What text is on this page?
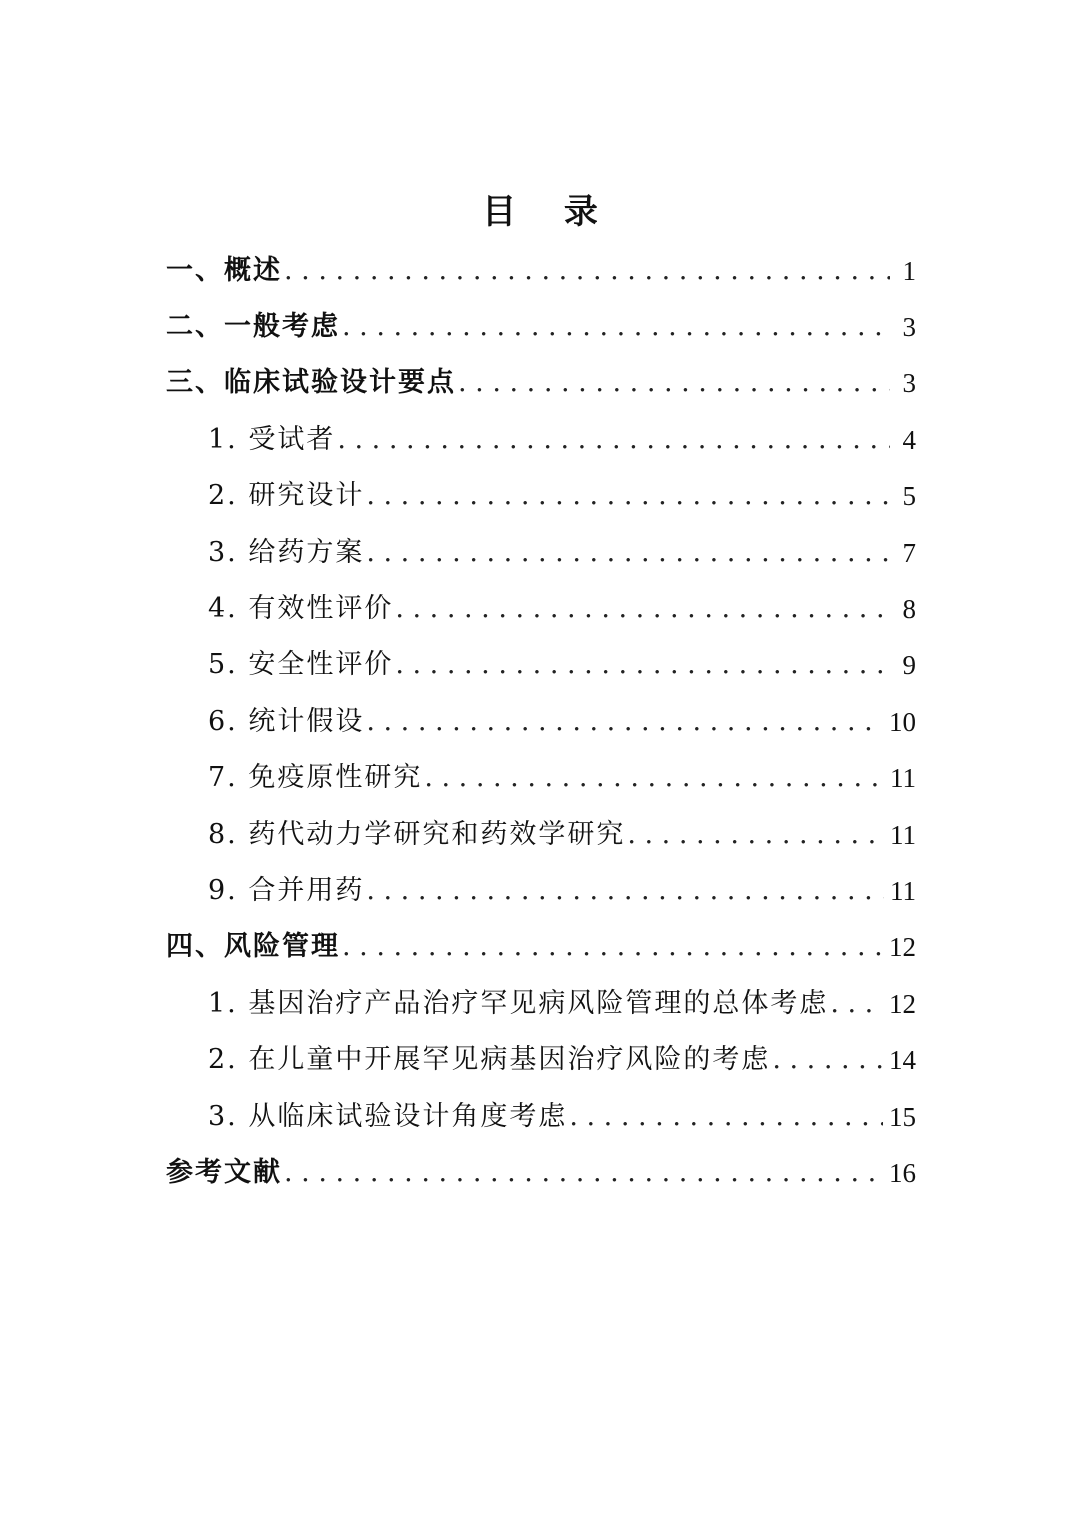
目 录
一、概述 . . .	1
二、一般考虑 . . .	3
三、临床试验设计要点 . . .	3
1. 受试者 . . .	4
2. 研究设计 . . .	5
3. 给药方案 . . .	7
4. 有效性评价 . . .	8
5. 安全性评价 . . .	9
6. 统计假设 . . .	10
7. 免疫原性研究 . . .	11
8. 药代动力学研究和药效学研究 . . .	11
9. 合并用药 . . .	11
四、风险管理 . . .	12
1. 基因治疗产品治疗罕见病风险管理的总体考虑 . . . 12
2. 在儿童中开展罕见病基因治疗风险的考虑 . . .	14
3. 从临床试验设计角度考虑 . . .	15
参考文献 . . .	16
